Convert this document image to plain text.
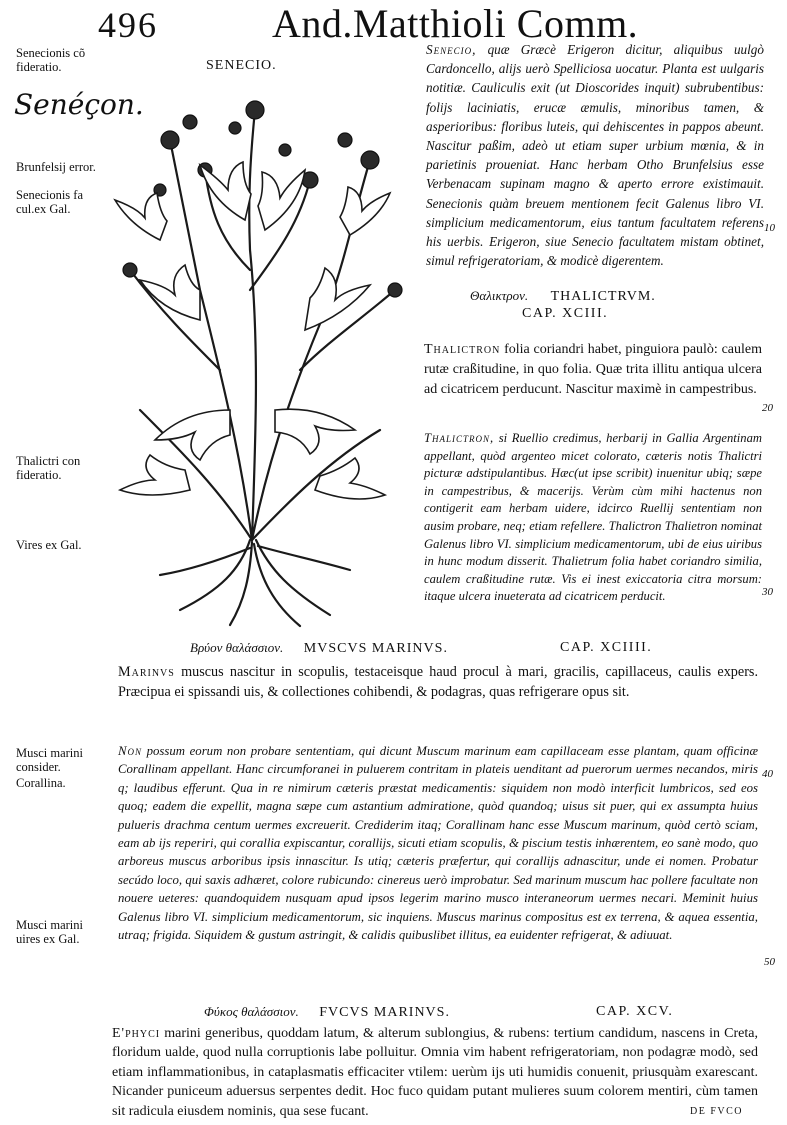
496	And.Matthioli Comm.
Senecionis cõ fideratio.
Senéçon.
Brunfelsij error.
Senecionis fa cul.ex Gal.
Thalictri con fideratio.
Vires ex Gal.
Musci marini consider.
Corallina.
Musci marini uires ex Gal.
10
20
30
40
50
SENECIO.
Senecio, quæ Græcè Erigeron dicitur, aliquibus uulgò Cardoncello, alijs uerò Spelliciosa uocatur. Planta est uulgaris notitiæ. Cauliculis exit (ut Dioscorides inquit) subrubentibus: folijs laciniatis, erucæ æmulis, minoribus tamen, & asperioribus: floribus luteis, qui dehiscentes in pappos abeunt. Nascitur paßim, adeò ut etiam super urbium mœnia, & in parietinis proueniat. Hanc herbam Otho Brunfelsius esse Verbenacam supinam magno & aperto errore existimauit. Senecionis quàm breuem mentionem fecit Galenus libro VI. simplicium medicamentorum, eius tantum facultatem referens his uerbis. Erigeron, siue Senecio facultatem mistam obtinet, simul refrigeratoriam, & modicè digerentem.
Θαλικτρον. THALICTRVM.
CAP. XCIII.
Thalictron folia coriandri habet, pinguiora paulò: caulem rutæ craßitudine, in quo folia. Quæ trita illitu antiqua ulcera ad cicatricem perducunt. Nascitur maximè in campestribus.
Thalictron, si Ruellio credimus, herbarij in Gallia Argentinam appellant, quòd argenteo micet colorato, cæteris notis Thalictri picturæ adstipulantibus. Hæc(ut ipse scribit) inuenitur ubiq; sæpe in campestribus, & macerijs. Verùm cùm mihi hactenus non contigerit eam herbam uidere, idcirco Ruellij sententiam non ausim probare, neq; etiam refellere. Thalictron Thalietron nominat Galenus libro VI. simplicium medicamentorum, ubi de eius uiribus in hunc modum disserit. Thalietrum folia habet coriandro similia, caulem craßitudine rutæ. Vis ei inest exiccatoria citra morsum: itaque ulcera inueterata ad cicatricem perducit.
Βρύον θαλάσσιον. MVSCVS MARINVS.	CAP. XCIIII.
Marinvs muscus nascitur in scopulis, testaceisque haud procul à mari, gracilis, capillaceus, caulis expers. Præcipua ei spissandi uis, & collectiones cohibendi, & podagras, quas refrigerare opus sit.
Non possum eorum non probare sententiam, qui dicunt Muscum marinum eam capillaceam esse plantam, quam officinæ Corallinam appellant. Hanc circumforanei in puluerem contritam in plateis uenditant ad puerorum uermes necandos, miris q; laudibus efferunt. Qua in re nimirum cæteris præstat medicamentis: siquidem non modò interficit lumbricos, sed eos quoq; eadem die expellit, magna sæpe cum astantium admiratione, quòd quandoq; uisus sit puer, qui ex assumpta huius pulueris drachma centum uermes excreuerit. Crediderim itaq; Corallinam hanc esse Muscum marinum, quòd certò sciam, eam ab ijs reperiri, qui corallia expiscantur, corallijs, sicuti etiam scopulis, & piscium testis inhærentem, eo sanè modo, quo arboreus muscus arboribus ipsis innascitur. Is utiq; cæteris præfertur, qui corallijs adnascitur, unde ei nomen. Probatur secúdo loco, qui saxis adhæret, colore rubicundo: cinereus uerò improbatur. Sed marinum muscum hac pollere facultate non nouere ueteres: quandoquidem nusquam apud ipsos legerim marino musco interaneorum uermes necari. Meminit huius Galenus libro VI. simplicium medicamentorum, sic inquiens. Muscus marinus compositus est ex terrena, & aquea essentia, utraq; frigida. Siquidem & gustum astringit, & calidis quibuslibet illitus, ea euidenter refrigerat, & adiuuat.
Φύκος θαλάσσιον. FVCVS MARINVS.	CAP. XCV.
E'phyci marini generibus, quoddam latum, & alterum sublongius, & rubens: tertium candidum, nascens in Creta, floridum ualde, quod nulla corruptionis labe polluitur. Omnia vim habent refrigeratoriam, non podagræ modò, sed etiam inflammationibus, in cataplasmatis efficaciter vtilem: uerùm ijs uti humidis conuenit, priusquàm exarescant. Nicander puniceum aduersus serpentes dedit. Hoc fuco quidam putant mulieres suum colorem mentiri, cùm tamen sit radicula eiusdem nominis, qua sese fucant.	DE FVCO
